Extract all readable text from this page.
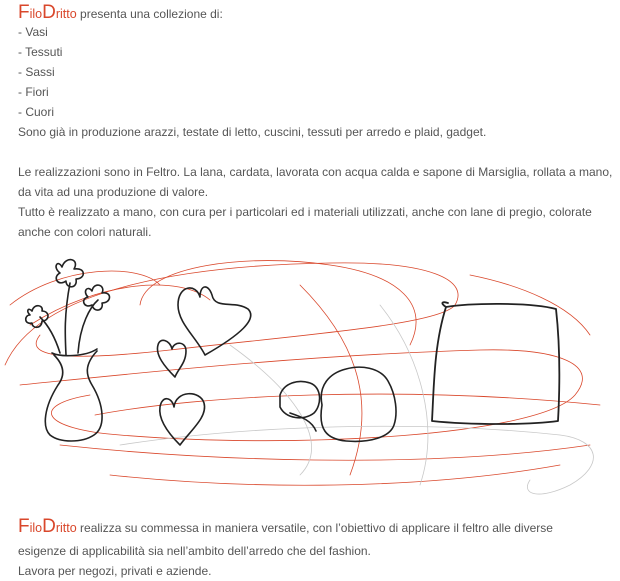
FiloDritto presenta una collezione di:
- Vasi
- Tessuti
- Sassi
- Fiori
- Cuori
Sono già in produzione arazzi, testate di letto, cuscini, tessuti per arredo e plaid, gadget.
Le realizzazioni sono in Feltro. La lana, cardata, lavorata con acqua calda e sapone di Marsiglia, rollata a mano, da vita ad una produzione di valore.
Tutto è realizzato a mano, con cura per i particolari ed i materiali utilizzati, anche con lane di pregio, colorate anche con colori naturali.
FiloDritto realizza su commessa in maniera versatile, con l’obiettivo di applicare il feltro alle diverse
esigenze di applicabilità sia nell’ambito dell’arredo che del fashion.
Lavora per negozi, privati e aziende.
